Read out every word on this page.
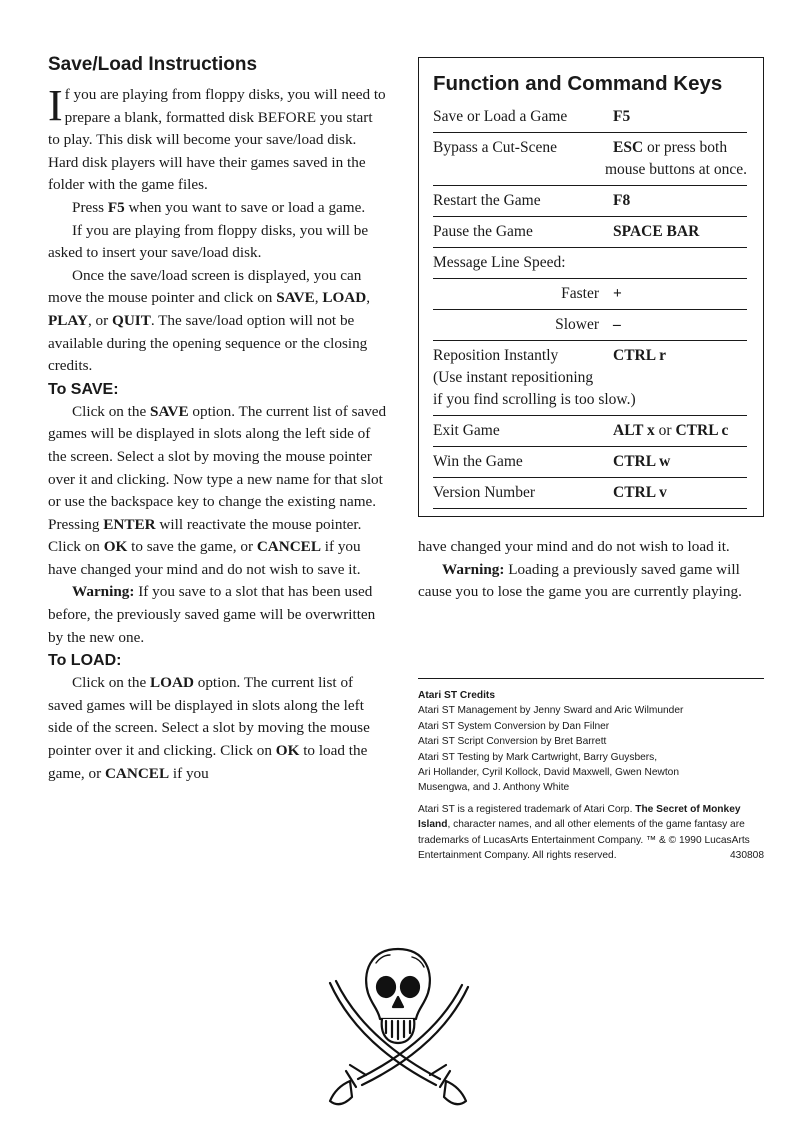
Save/Load Instructions

If you are playing from floppy disks, you will need to prepare a blank, formatted disk BEFORE you start to play. This disk will become your save/load disk. Hard disk players will have their games saved in the folder with the game files.

Press F5 when you want to save or load a game.

If you are playing from floppy disks, you will be asked to insert your save/load disk.

Once the save/load screen is displayed, you can move the mouse pointer and click on SAVE, LOAD, PLAY, or QUIT. The save/load option will not be available during the opening sequence or the closing credits.

To SAVE:

Click on the SAVE option. The current list of saved games will be displayed in slots along the left side of the screen. Select a slot by moving the mouse pointer over it and clicking. Now type a new name for that slot or use the backspace key to change the existing name. Pressing ENTER will reactivate the mouse pointer. Click on OK to save the game, or CANCEL if you have changed your mind and do not wish to save it.

Warning: If you save to a slot that has been used before, the previously saved game will be overwritten by the new one.

To LOAD:

Click on the LOAD option. The current list of saved games will be displayed in slots along the left side of the screen. Select a slot by moving the mouse pointer over it and clicking. Click on OK to load the game, or CANCEL if you

Function and Command Keys
Save or Load a Game	F5
Bypass a Cut-Scene	ESC or press both
mouse buttons at once.
Restart the Game	F8
Pause the Game	SPACE BAR
Message Line Speed:
Faster +
Slower –
Reposition Instantly	CTRL r
(Use instant repositioning
if you find scrolling is too slow.)
Exit Game	ALT x or CTRL c
Win the Game	CTRL w
Version Number	CTRL v

have changed your mind and do not wish to load it.

Warning: Loading a previously saved game will cause you to lose the game you are currently playing.

Atari ST Credits
Atari ST Management by Jenny Sward and Aric Wilmunder
Atari ST System Conversion by Dan Filner
Atari ST Script Conversion by Bret Barrett
Atari ST Testing by Mark Cartwright, Barry Guysbers,
Ari Hollander, Cyril Kollock, David Maxwell, Gwen Newton
Musengwa, and J. Anthony White
Atari ST is a registered trademark of Atari Corp. The Secret of Monkey Island, character names, and all other elements of the game fantasy are trademarks of LucasArts Entertainment Company. ™ & © 1990 LucasArts Entertainment Company. All rights reserved.	430808
